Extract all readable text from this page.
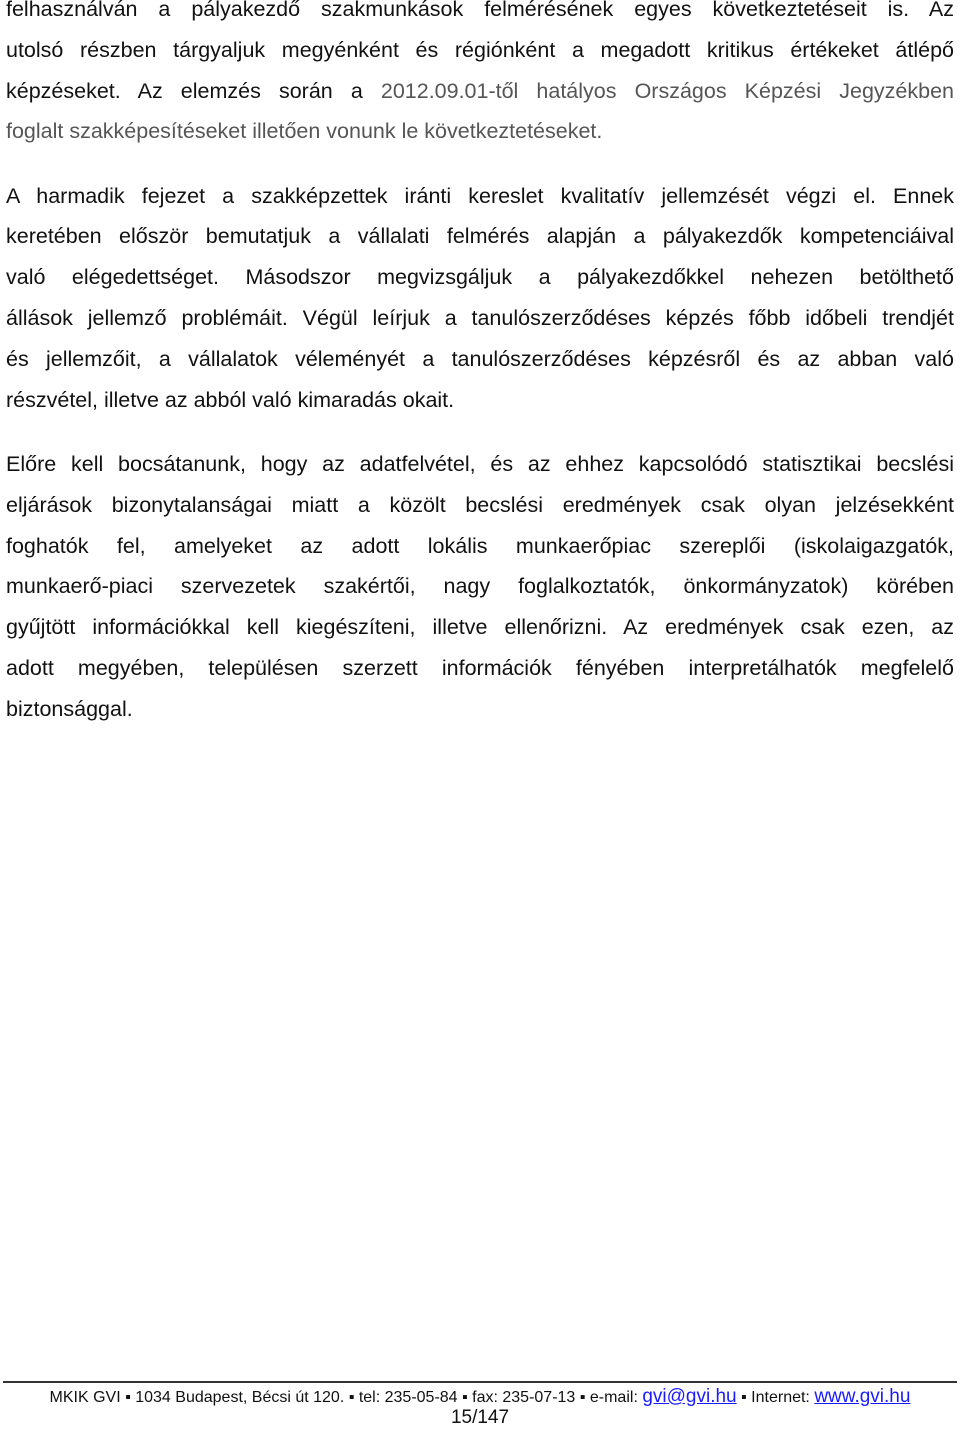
felhasználván a pályakezdő szakmunkások felmérésének egyes következtetéseit is. Az
utolsó részben tárgyaljuk megyénként és régiónként a megadott kritikus értékeket átlépő
képzéseket. Az elemzés során a 2012.09.01-től hatályos Országos Képzési Jegyzékben
foglalt szakképesítéseket illetően vonunk le következtetéseket.
A harmadik fejezet a szakképzettek iránti kereslet kvalitatív jellemzését végzi el. Ennek
keretében először bemutatjuk a vállalati felmérés alapján a pályakezdők kompetenciáival
való elégedettséget. Másodszor megvizsgáljuk a pályakezdőkkel nehezen betölthető
állások jellemző problémáit. Végül leírjuk a tanulószerződéses képzés főbb időbeli trendjét
és jellemzőit, a vállalatok véleményét a tanulószerződéses képzésről és az abban való
részvétel, illetve az abból való kimaradás okait.
Előre kell bocsátanunk, hogy az adatfelvétel, és az ehhez kapcsolódó statisztikai becslési
eljárások bizonytalanságai miatt a közölt becslési eredmények csak olyan jelzésekként
foghatók fel, amelyeket az adott lokális munkaerőpiac szereplői (iskolaigazgatók,
munkaerő-piaci szervezetek szakértői, nagy foglalkoztatók, önkormányzatok) körében
gyűjtött információkkal kell kiegészíteni, illetve ellenőrizni. Az eredmények csak ezen, az
adott megyében, településen szerzett információk fényében interpretálhatók megfelelő
biztonsággal.
MKIK GVI ▪ 1034 Budapest, Bécsi út 120. ▪ tel: 235-05-84 ▪ fax: 235-07-13 ▪ e-mail: gvi@gvi.hu ▪ Internet: www.gvi.hu
15/147
